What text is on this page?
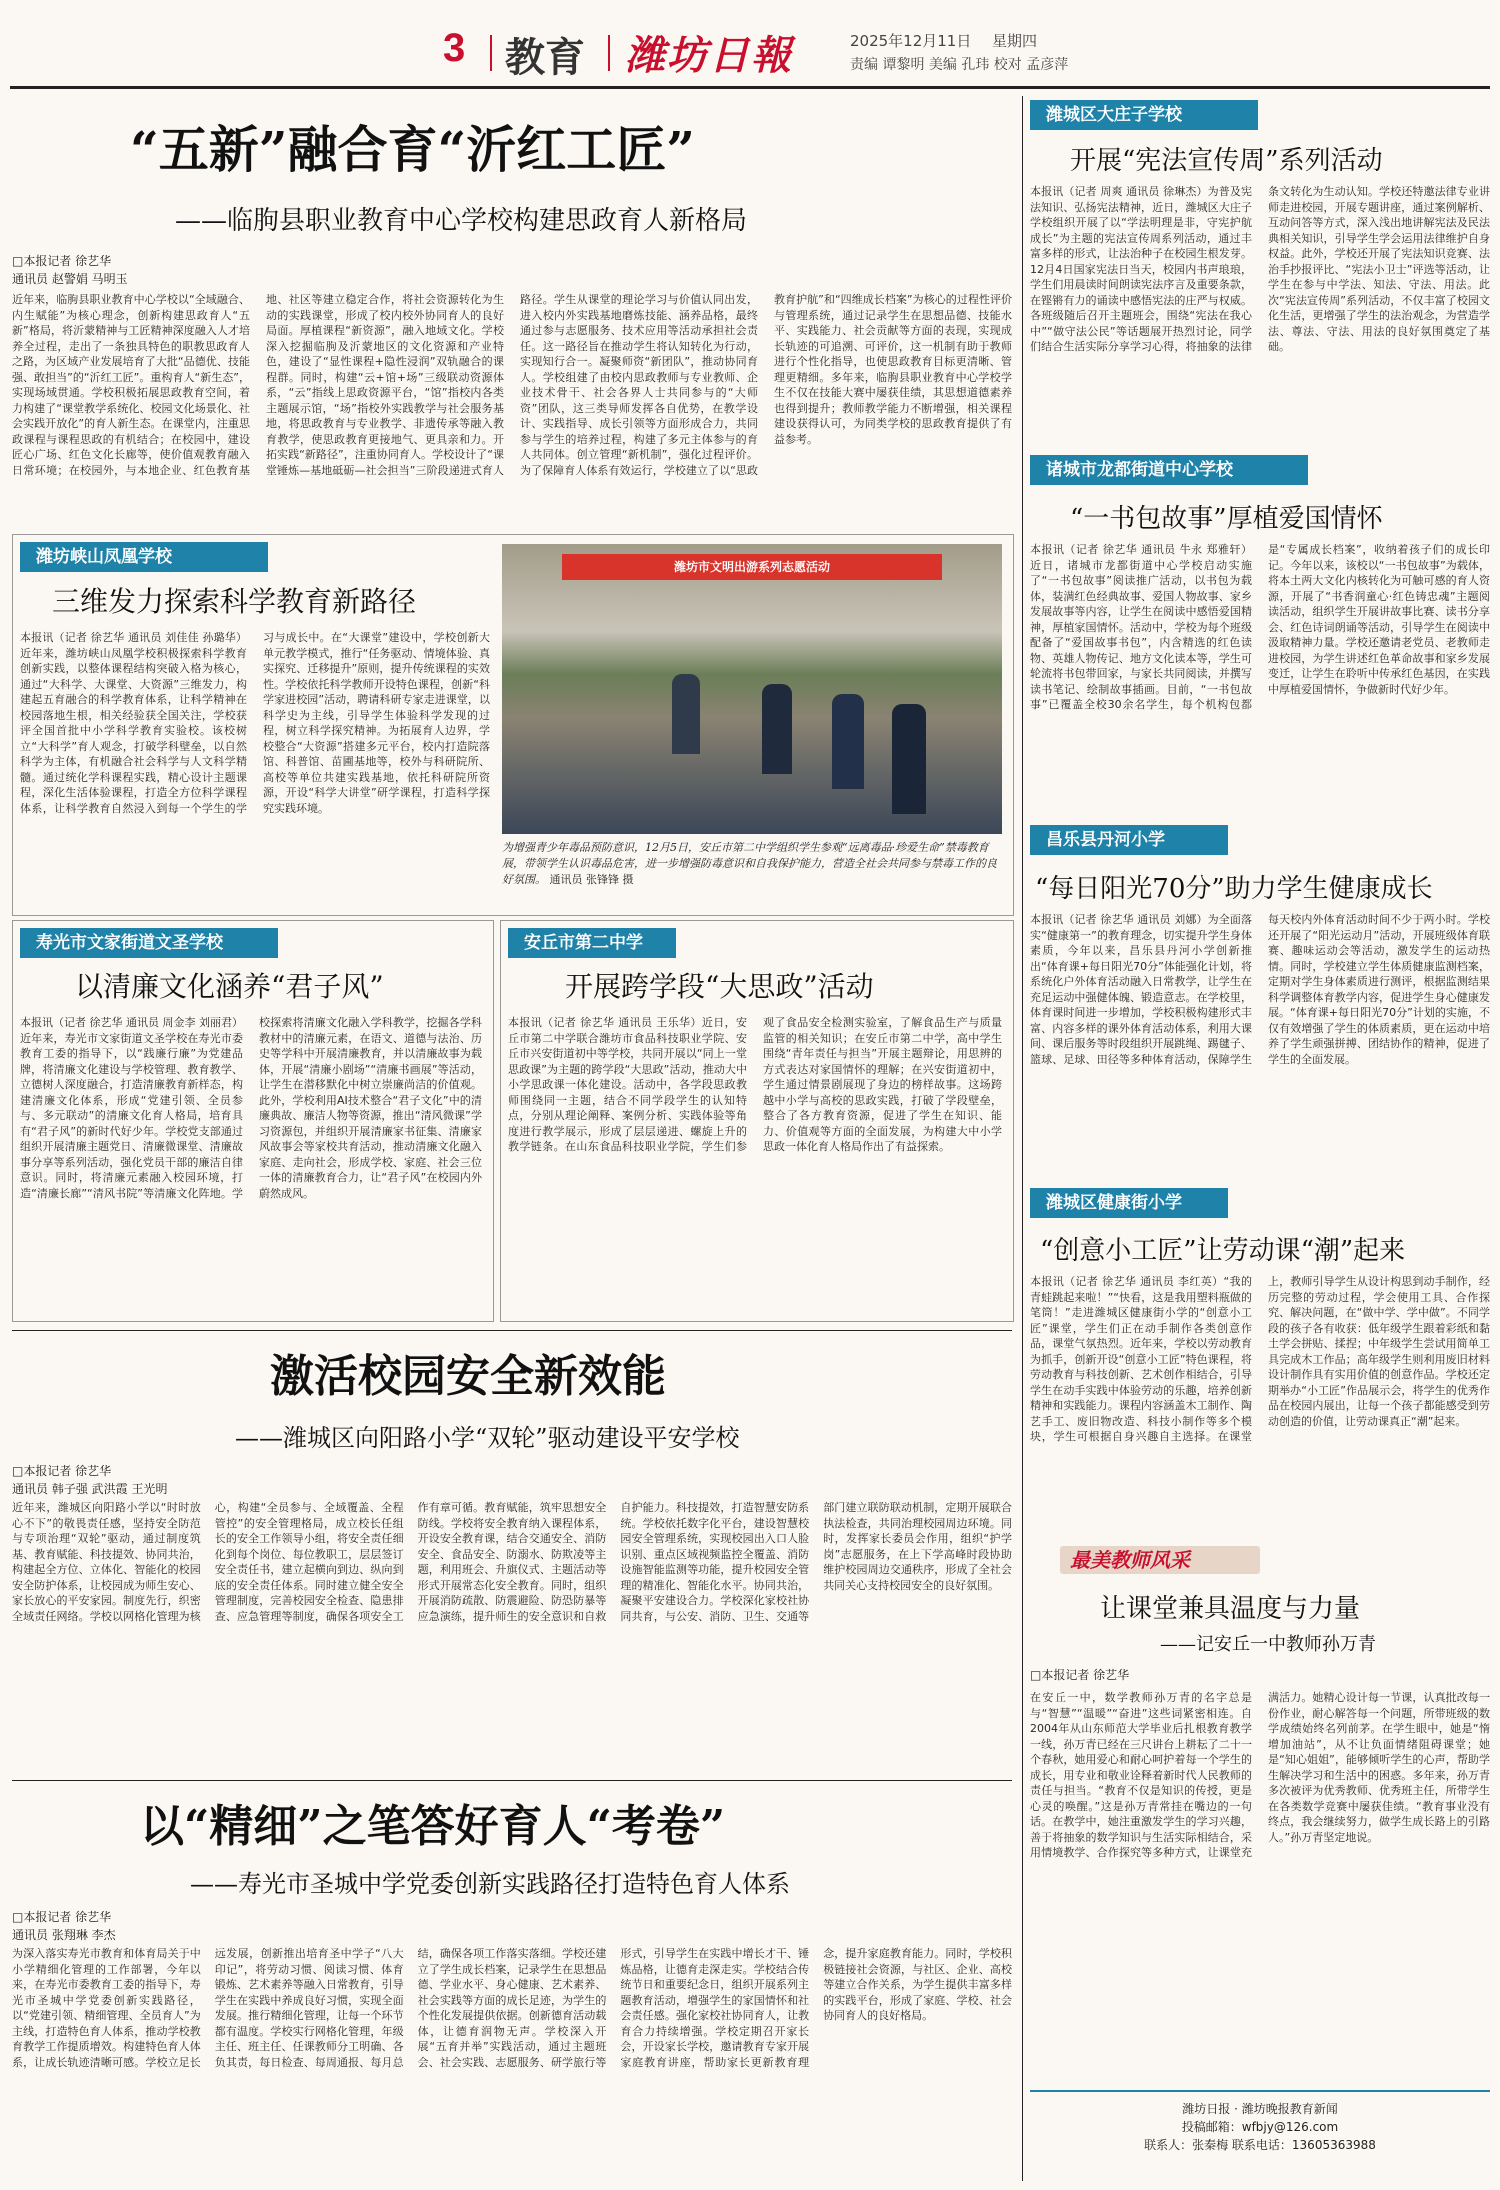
3 教育 潍坊日報	2025年12月11日 星期四
责编 谭黎明 美编 孔玮 校对 孟彦萍
“五新”融合育“沂红工匠”
——临朐县职业教育中心学校构建思政育人新格局
□本报记者 徐艺华
通讯员 赵警娟 马明玉
近年来，临朐县职业教育中心学校以“全域融合、内生赋能”为核心理念，创新构建思政育人“五新”格局，将沂蒙精神与工匠精神深度融入人才培养全过程，走出了一条独具特色的职教思政育人之路，为区域产业发展培育了大批“品德优、技能强、敢担当”的“沂红工匠”。重构育人“新生态”，实现场域贯通。学校积极拓展思政教育空间，着力构建了“课堂教学系统化、校园文化场景化、社会实践开放化”的育人新生态。在课堂内，注重思政课程与课程思政的有机结合；在校园中，建设匠心广场、红色文化长廊等，使价值观教育融入日常环境；在校园外，与本地企业、红色教育基地、社区等建立稳定合作，将社会资源转化为生动的实践课堂，形成了校内校外协同育人的良好局面。厚植课程“新资源”，融入地域文化。学校深入挖掘临朐及沂蒙地区的文化资源和产业特色，建设了“显性课程+隐性浸润”双轨融合的课程群。同时，构建“云+馆+场”三级联动资源体系，“云”指线上思政资源平台，“馆”指校内各类主题展示馆，“场”指校外实践教学与社会服务基地，将思政教育与专业教学、非遗传承等融入教育教学，使思政教育更接地气、更具亲和力。开拓实践“新路径”，注重协同育人。学校设计了“课堂锤炼—基地砥砺—社会担当”三阶段递进式育人路径。学生从课堂的理论学习与价值认同出发，进入校内外实践基地磨炼技能、涵养品格，最终通过参与志愿服务、技术应用等活动承担社会责任。这一路径旨在推动学生将认知转化为行动，实现知行合一。凝聚师资“新团队”，推动协同育人。学校组建了由校内思政教师与专业教师、企业技术骨干、社会各界人士共同参与的“大师资”团队，这三类导师发挥各自优势，在教学设计、实践指导、成长引领等方面形成合力，共同参与学生的培养过程，构建了多元主体参与的育人共同体。创立管理“新机制”，强化过程评价。为了保障育人体系有效运行，学校建立了以“思政教育护航”和“四维成长档案”为核心的过程性评价与管理系统，通过记录学生在思想品德、技能水平、实践能力、社会贡献等方面的表现，实现成长轨迹的可追溯、可评价，这一机制有助于教师进行个性化指导，也使思政教育目标更清晰、管理更精细。多年来，临朐县职业教育中心学校学生不仅在技能大赛中屡获佳绩，其思想道德素养也得到提升；教师教学能力不断增强，相关课程建设获得认可，为同类学校的思政教育提供了有益参考。
潍坊峡山凤凰学校
三维发力探索科学教育新路径
本报讯（记者 徐艺华 通讯员 刘佳佳 孙璐华）近年来，潍坊峡山凤凰学校积极探索科学教育创新实践，以整体课程结构突破入格为核心，通过“大科学、大课堂、大资源”三维发力，构建起五育融合的科学教育体系，让科学精神在校园落地生根，相关经验获全国关注，学校获评全国首批中小学科学教育实验校。该校树立“大科学”育人观念，打破学科壁垒，以自然科学为主体，有机融合社会科学与人文科学精髓。通过统化学科课程实践，精心设计主题课程，深化生活体验课程，打造全方位科学课程体系，让科学教育自然浸入到每一个学生的学习与成长中。在“大课堂”建设中，学校创新大单元教学模式，推行“任务驱动、情境体验、真实探究、迁移提升”原则，提升传统课程的实效性。学校依托科学教师开设特色课程，创新“科学家进校园”活动，聘请科研专家走进课堂，以科学史为主线，引导学生体验科学发现的过程，树立科学探究精神。为拓展育人边界，学校整合“大资源”搭建多元平台，校内打造院落馆、科普馆、苗圃基地等，校外与科研院所、高校等单位共建实践基地，依托科研院所资源，开设“科学大讲堂”研学课程，打造科学探究实践环境。
潍坊市文明出游系列志愿活动
为增强青少年毒品预防意识，12月5日，安丘市第二中学组织学生参观“远离毒品·珍爱生命”禁毒教育展，带领学生认识毒品危害，进一步增强防毒意识和自我保护能力，营造全社会共同参与禁毒工作的良好氛围。 通讯员 张锋锋 摄
寿光市文家街道文圣学校
以清廉文化涵养“君子风”
本报讯（记者 徐艺华 通讯员 周金李 刘丽君）近年来，寿光市文家街道文圣学校在寿光市委教育工委的指导下，以“践廉行廉”为党建品牌，将清廉文化建设与学校管理、教育教学、立德树人深度融合，打造清廉教育新样态，构建清廉文化体系，形成“党建引领、全员参与、多元联动”的清廉文化育人格局，培育具有“君子风”的新时代好少年。学校党支部通过组织开展清廉主题党日、清廉微课堂、清廉故事分享等系列活动，强化党员干部的廉洁自律意识。同时，将清廉元素融入校园环境，打造“清廉长廊”“清风书院”等清廉文化阵地。学校探索将清廉文化融入学科教学，挖掘各学科教材中的清廉元素，在语文、道德与法治、历史等学科中开展清廉教育，并以清廉故事为载体，开展“清廉小剧场”“清廉书画展”等活动，让学生在潜移默化中树立崇廉尚洁的价值观。此外，学校利用AI技术整合“君子文化”中的清廉典故、廉洁人物等资源，推出“清风微课”学习资源包，并组织开展清廉家书征集、清廉家风故事会等家校共育活动，推动清廉文化融入家庭、走向社会，形成学校、家庭、社会三位一体的清廉教育合力，让“君子风”在校园内外蔚然成风。
安丘市第二中学
开展跨学段“大思政”活动
本报讯（记者 徐艺华 通讯员 王乐华）近日，安丘市第二中学联合潍坊市食品科技职业学院、安丘市兴安街道初中等学校，共同开展以“同上一堂思政课”为主题的跨学段“大思政”活动，推动大中小学思政课一体化建设。活动中，各学段思政教师围绕同一主题，结合不同学段学生的认知特点，分别从理论阐释、案例分析、实践体验等角度进行教学展示，形成了层层递进、螺旋上升的教学链条。在山东食品科技职业学院，学生们参观了食品安全检测实验室，了解食品生产与质量监管的相关知识；在安丘市第二中学，高中学生围绕“青年责任与担当”开展主题辩论，用思辨的方式表达对家国情怀的理解；在兴安街道初中，学生通过情景剧展现了身边的榜样故事。这场跨越中小学与高校的思政实践，打破了学段壁垒，整合了各方教育资源，促进了学生在知识、能力、价值观等方面的全面发展，为构建大中小学思政一体化育人格局作出了有益探索。
激活校园安全新效能
——潍城区向阳路小学“双轮”驱动建设平安学校
□本报记者 徐艺华
通讯员 韩子强 武洪霞 王光明
近年来，潍城区向阳路小学以“时时放心不下”的敬畏责任感，坚持安全防范与专项治理“双轮”驱动，通过制度筑基、教育赋能、科技提效、协同共治，构建起全方位、立体化、智能化的校园安全防护体系，让校园成为师生安心、家长放心的平安家园。制度先行，织密全域责任网络。学校以网格化管理为核心，构建“全员参与、全域覆盖、全程管控”的安全管理格局，成立校长任组长的安全工作领导小组，将安全责任细化到每个岗位、每位教职工，层层签订安全责任书，建立起横向到边、纵向到底的安全责任体系。同时建立健全安全管理制度，完善校园安全检查、隐患排查、应急管理等制度，确保各项安全工作有章可循。教育赋能，筑牢思想安全防线。学校将安全教育纳入课程体系，开设安全教育课，结合交通安全、消防安全、食品安全、防溺水、防欺凌等主题，利用班会、升旗仪式、主题活动等形式开展常态化安全教育。同时，组织开展消防疏散、防震避险、防恐防暴等应急演练，提升师生的安全意识和自救自护能力。科技提效，打造智慧安防系统。学校依托数字化平台，建设智慧校园安全管理系统，实现校园出入口人脸识别、重点区域视频监控全覆盖、消防设施智能监测等功能，提升校园安全管理的精准化、智能化水平。协同共治，凝聚平安建设合力。学校深化家校社协同共育，与公安、消防、卫生、交通等部门建立联防联动机制，定期开展联合执法检查，共同治理校园周边环境。同时，发挥家长委员会作用，组织“护学岗”志愿服务，在上下学高峰时段协助维护校园周边交通秩序，形成了全社会共同关心支持校园安全的良好氛围。
以“精细”之笔答好育人“考卷”
——寿光市圣城中学党委创新实践路径打造特色育人体系
□本报记者 徐艺华
通讯员 张翔琳 李杰
为深入落实寿光市教育和体育局关于中小学精细化管理的工作部署，今年以来，在寿光市委教育工委的指导下，寿光市圣城中学党委创新实践路径，以“党建引领、精细管理、全员育人”为主线，打造特色育人体系，推动学校教育教学工作提质增效。构建特色育人体系，让成长轨迹清晰可感。学校立足长远发展，创新推出培育圣中学子“八大印记”，将劳动习惯、阅读习惯、体育锻炼、艺术素养等融入日常教育，引导学生在实践中养成良好习惯，实现全面发展。推行精细化管理，让每一个环节都有温度。学校实行网格化管理，年级主任、班主任、任课教师分工明确、各负其责，每日检查、每周通报、每月总结，确保各项工作落实落细。学校还建立了学生成长档案，记录学生在思想品德、学业水平、身心健康、艺术素养、社会实践等方面的成长足迹，为学生的个性化发展提供依据。创新德育活动载体，让德育润物无声。学校深入开展“五育并举”实践活动，通过主题班会、社会实践、志愿服务、研学旅行等形式，引导学生在实践中增长才干、锤炼品格，让德育走深走实。学校结合传统节日和重要纪念日，组织开展系列主题教育活动，增强学生的家国情怀和社会责任感。强化家校社协同育人，让教育合力持续增强。学校定期召开家长会，开设家长学校，邀请教育专家开展家庭教育讲座，帮助家长更新教育理念，提升家庭教育能力。同时，学校积极链接社会资源，与社区、企业、高校等建立合作关系，为学生提供丰富多样的实践平台，形成了家庭、学校、社会协同育人的良好格局。
潍城区大庄子学校
开展“宪法宣传周”系列活动
本报讯（记者 周爽 通讯员 徐琳杰）为普及宪法知识、弘扬宪法精神，近日，潍城区大庄子学校组织开展了以“学法明理是非，守宪护航成长”为主题的宪法宣传周系列活动，通过丰富多样的形式，让法治种子在校园生根发芽。12月4日国家宪法日当天，校园内书声琅琅，学生们用晨读时间朗读宪法序言及重要条款，在铿锵有力的诵读中感悟宪法的庄严与权威。各班级随后召开主题班会，围绕“宪法在我心中”“做守法公民”等话题展开热烈讨论，同学们结合生活实际分享学习心得，将抽象的法律条文转化为生动认知。学校还特邀法律专业讲师走进校园，开展专题讲座，通过案例解析、互动问答等方式，深入浅出地讲解宪法及民法典相关知识，引导学生学会运用法律维护自身权益。此外，学校还开展了宪法知识竞赛、法治手抄报评比、“宪法小卫士”评选等活动，让学生在参与中学法、知法、守法、用法。此次“宪法宣传周”系列活动，不仅丰富了校园文化生活，更增强了学生的法治观念，为营造学法、尊法、守法、用法的良好氛围奠定了基础。
诸城市龙都街道中心学校
“一书包故事”厚植爱国情怀
本报讯（记者 徐艺华 通讯员 牛永 郑雅轩）近日，诸城市龙都街道中心学校启动实施了“一书包故事”阅读推广活动，以书包为载体，装满红色经典故事、爱国人物故事、家乡发展故事等内容，让学生在阅读中感悟爱国精神，厚植家国情怀。活动中，学校为每个班级配备了“爱国故事书包”，内含精选的红色读物、英雄人物传记、地方文化读本等，学生可轮流将书包带回家，与家长共同阅读，并撰写读书笔记、绘制故事插画。目前，“一书包故事”已覆盖全校30余名学生，每个机构包都是“专属成长档案”，收纳着孩子们的成长印记。今年以来，该校以“一书包故事”为载体，将本土两大文化内核转化为可触可感的育人资源，开展了“书香润童心·红色铸忠魂”主题阅读活动，组织学生开展讲故事比赛、读书分享会、红色诗词朗诵等活动，引导学生在阅读中汲取精神力量。学校还邀请老党员、老教师走进校园，为学生讲述红色革命故事和家乡发展变迁，让学生在聆听中传承红色基因，在实践中厚植爱国情怀，争做新时代好少年。
昌乐县丹河小学
“每日阳光70分”助力学生健康成长
本报讯（记者 徐艺华 通讯员 刘娜）为全面落实“健康第一”的教育理念，切实提升学生身体素质，今年以来，昌乐县丹河小学创新推出“体育课+每日阳光70分”体能强化计划，将系统化户外体育活动融入日常教学，让学生在充足运动中强健体魄、锻造意志。在学校里，体育课时间进一步增加，学校积极构建形式丰富、内容多样的课外体育活动体系，利用大课间、课后服务等时段组织开展跳绳、踢毽子、篮球、足球、田径等多种体育活动，保障学生每天校内外体育活动时间不少于两小时。学校还开展了“阳光运动月”活动，开展班级体育联赛、趣味运动会等活动，激发学生的运动热情。同时，学校建立学生体质健康监测档案，定期对学生身体素质进行测评，根据监测结果科学调整体育教学内容，促进学生身心健康发展。“体育课+每日阳光70分”计划的实施，不仅有效增强了学生的体质素质，更在运动中培养了学生顽强拼搏、团结协作的精神，促进了学生的全面发展。
潍城区健康街小学
“创意小工匠”让劳动课“潮”起来
本报讯（记者 徐艺华 通讯员 李红英）“我的青蛙跳起来啦！”“快看，这是我用塑料瓶做的笔筒！”走进潍城区健康街小学的“创意小工匠”课堂，学生们正在动手制作各类创意作品，课堂气氛热烈。近年来，学校以劳动教育为抓手，创新开设“创意小工匠”特色课程，将劳动教育与科技创新、艺术创作相结合，引导学生在动手实践中体验劳动的乐趣，培养创新精神和实践能力。课程内容涵盖木工制作、陶艺手工、废旧物改造、科技小制作等多个模块，学生可根据自身兴趣自主选择。在课堂上，教师引导学生从设计构思到动手制作，经历完整的劳动过程，学会使用工具、合作探究、解决问题，在“做中学、学中做”。不同学段的孩子各有收获：低年级学生跟着彩纸和黏土学会拼贴、揉捏；中年级学生尝试用简单工具完成木工作品；高年级学生则利用废旧材料设计制作具有实用价值的创意作品。学校还定期举办“小工匠”作品展示会，将学生的优秀作品在校园内展出，让每一个孩子都能感受到劳动创造的价值，让劳动课真正“潮”起来。
最美教师风采
让课堂兼具温度与力量
——记安丘一中教师孙万青
□本报记者 徐艺华
在安丘一中，数学教师孙万青的名字总是与“智慧”“温暖”“奋进”这些词紧密相连。自2004年从山东师范大学毕业后扎根教育教学一线，孙万青已经在三尺讲台上耕耘了二十一个春秋，她用爱心和耐心呵护着每一个学生的成长，用专业和敬业诠释着新时代人民教师的责任与担当。“教育不仅是知识的传授，更是心灵的唤醒。”这是孙万青常挂在嘴边的一句话。在教学中，她注重激发学生的学习兴趣，善于将抽象的数学知识与生活实际相结合，采用情境教学、合作探究等多种方式，让课堂充满活力。她精心设计每一节课，认真批改每一份作业，耐心解答每一个问题，所带班级的数学成绩始终名列前茅。在学生眼中，她是“惰增加油站”，从不让负面情绪阻碍课堂；她是“知心姐姐”，能够倾听学生的心声，帮助学生解决学习和生活中的困惑。多年来，孙万青多次被评为优秀教师、优秀班主任，所带学生在各类数学竞赛中屡获佳绩。“教育事业没有终点，我会继续努力，做学生成长路上的引路人。”孙万青坚定地说。
潍坊日报 · 潍坊晚报教育新闻
投稿邮箱：wfbjy@126.com
联系人：张秦梅 联系电话：13605363988
